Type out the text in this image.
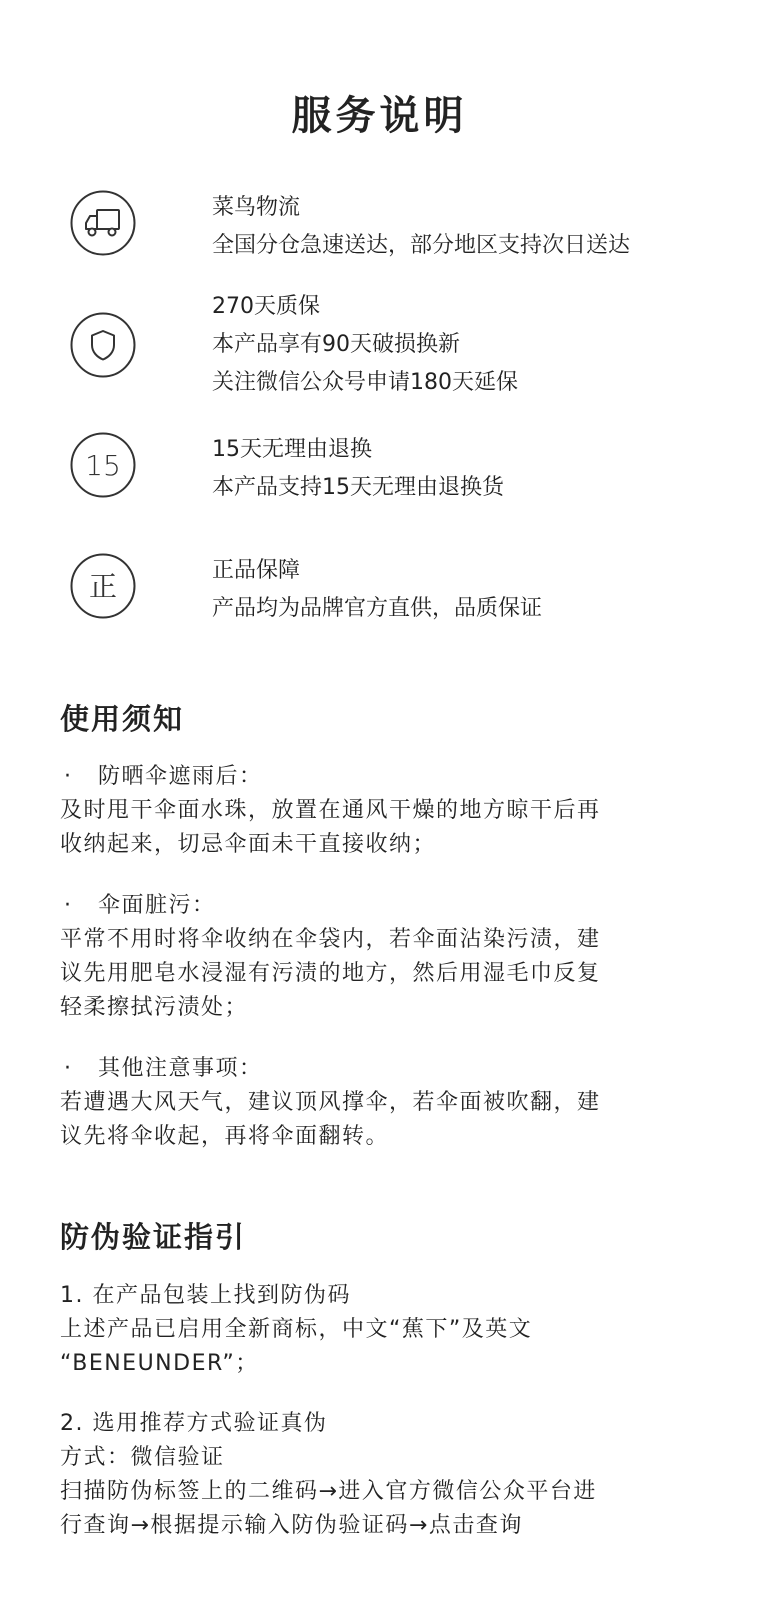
服务说明
菜鸟物流
全国分仓急速送达，部分地区支持次日送达
270天质保
本产品享有90天破损换新
关注微信公众号申请180天延保
15	15天无理由退换
本产品支持15天无理由退换货
正	正品保障
产品均为品牌官方直供，品质保证
使用须知
· 防晒伞遮雨后：
及时甩干伞面水珠，放置在通风干燥的地方晾干后再
收纳起来，切忌伞面未干直接收纳；
· 伞面脏污：
平常不用时将伞收纳在伞袋内，若伞面沾染污渍，建
议先用肥皂水浸湿有污渍的地方，然后用湿毛巾反复
轻柔擦拭污渍处；
· 其他注意事项：
若遭遇大风天气，建议顶风撑伞，若伞面被吹翻，建
议先将伞收起，再将伞面翻转。
防伪验证指引
1. 在产品包装上找到防伪码
上述产品已启用全新商标，中文“蕉下”及英文
“BENEUNDER”；
2. 选用推荐方式验证真伪
方式：微信验证
扫描防伪标签上的二维码→进入官方微信公众平台进
行查询→根据提示输入防伪验证码→点击查询
